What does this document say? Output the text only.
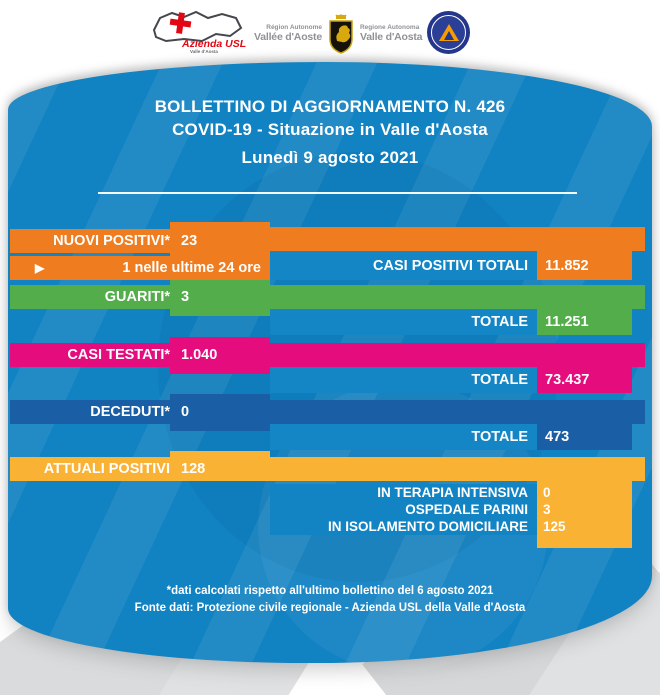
Azienda USL
Valle d'Aosta
Région Autonome
Vallée d'Aoste
Regione Autonoma
Valle d'Aosta
BOLLETTINO DI AGGIORNAMENTO N. 426
COVID-19 - Situazione in Valle d'Aosta
Lunedì 9 agosto 2021
NUOVI POSITIVI* 23
▶	1 nelle ultime 24 ore	CASI POSITIVI TOTALI	11.852
GUARITI* 3
TOTALE	11.251
CASI TESTATI* 1.040
TOTALE	73.437
DECEDUTI* 0
TOTALE	473
ATTUALI POSITIVI 128
IN TERAPIA INTENSIVA	0
OSPEDALE PARINI	3
IN ISOLAMENTO DOMICILIARE	125
*dati calcolati rispetto all'ultimo bollettino del 6 agosto 2021
Fonte dati: Protezione civile regionale - Azienda USL della Valle d'Aosta
